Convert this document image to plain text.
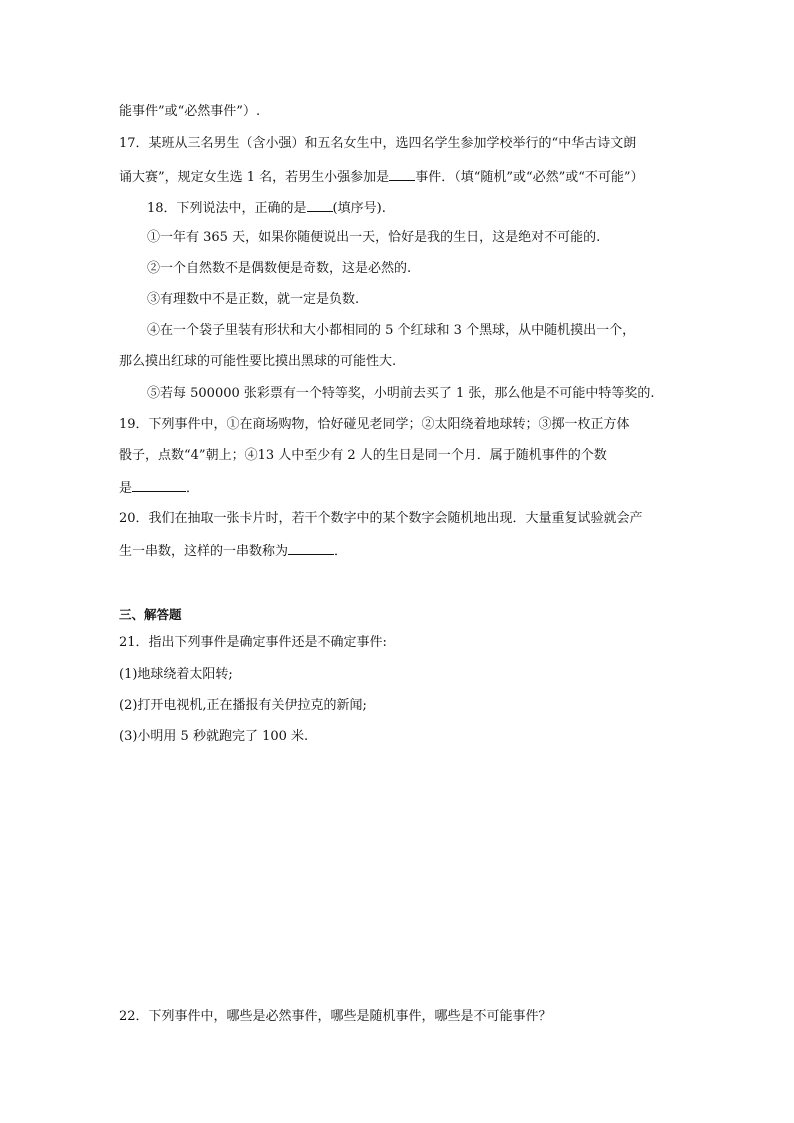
能事件”或“必然事件”）.
17．某班从三名男生（含小强）和五名女生中，选四名学生参加学校举行的“中华古诗文朗
诵大赛”，规定女生选 1 名，若男生小强参加是 事件．（填“随机”或“必然”或“不可能”）
18．下列说法中，正确的是 (填序号).
①一年有 365 天，如果你随便说出一天，恰好是我的生日，这是绝对不可能的.
②一个自然数不是偶数便是奇数，这是必然的.
③有理数中不是正数，就一定是负数.
④在一个袋子里装有形状和大小都相同的 5 个红球和 3 个黑球，从中随机摸出一个，
那么摸出红球的可能性要比摸出黑球的可能性大.
⑤若每 500000 张彩票有一个特等奖，小明前去买了 1 张，那么他是不可能中特等奖的.
19．下列事件中，①在商场购物，恰好碰见老同学；②太阳绕着地球转；③掷一枚正方体
骰子，点数“4”朝上；④13 人中至少有 2 人的生日是同一个月．属于随机事件的个数
是	．
20．我们在抽取一张卡片时，若干个数字中的某个数字会随机地出现．大量重复试验就会产
生一串数，这样的一串数称为	．
三、解答题
21．指出下列事件是确定事件还是不确定事件:
(1)地球绕着太阳转;
(2)打开电视机,正在播报有关伊拉克的新闻;
(3)小明用 5 秒就跑完了 100 米.
22．下列事件中，哪些是必然事件，哪些是随机事件，哪些是不可能事件？
